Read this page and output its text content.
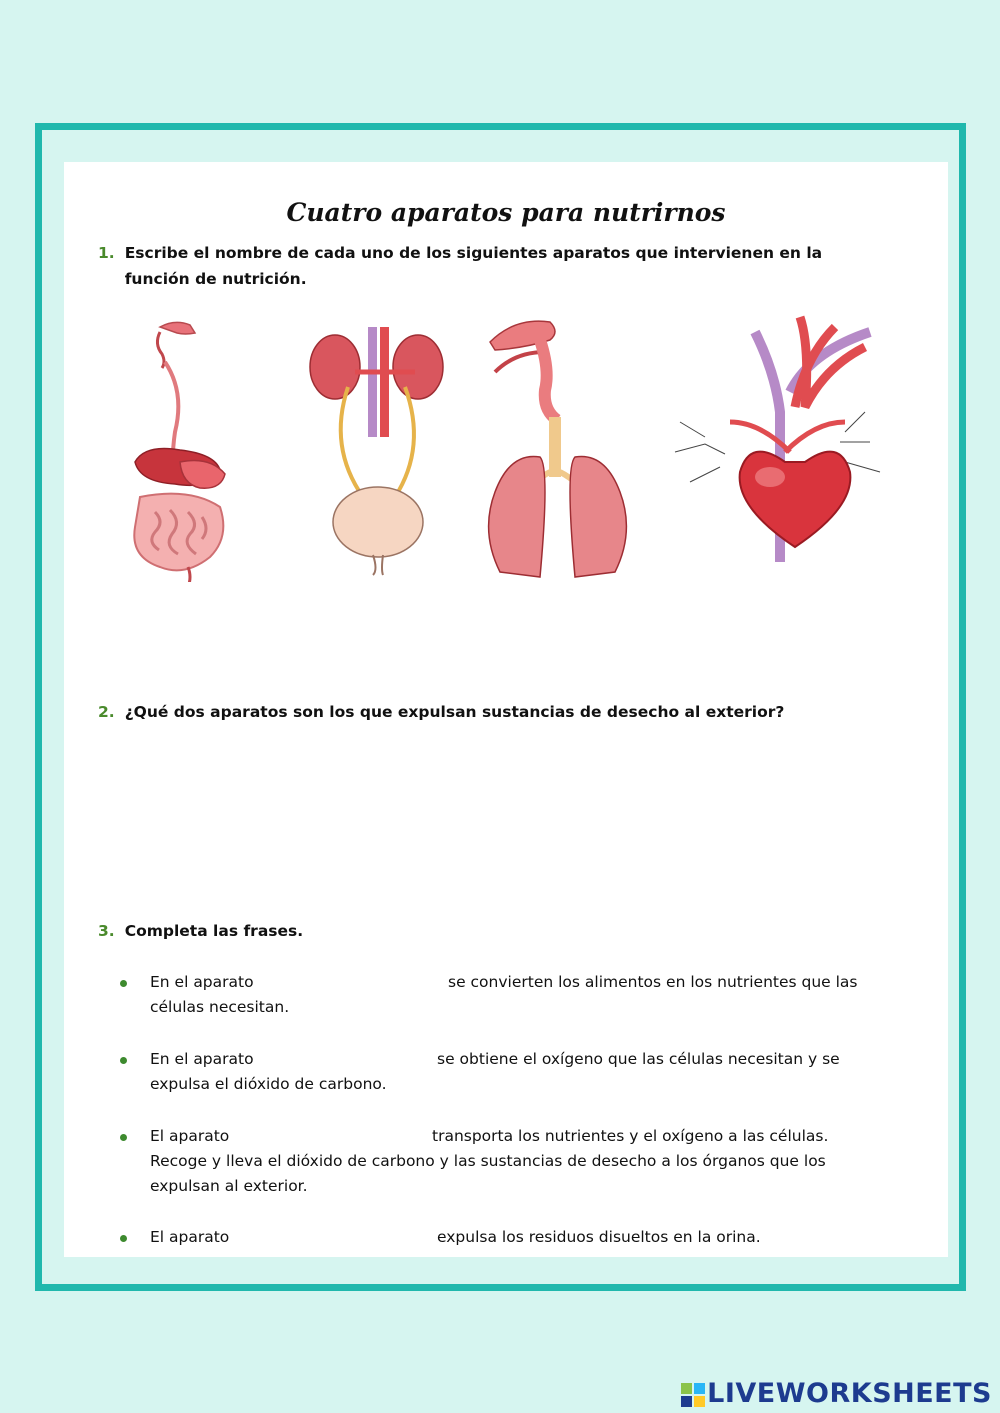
Cuatro aparatos para nutrirnos
1. Escribe el nombre de cada uno de los siguientes aparatos que intervienen en la función de nutrición.
2. ¿Qué dos aparatos son los que expulsan sustancias de desecho al exterior?
3. Completa las frases.
En el aparato	se convierten los alimentos en los nutrientes que las
células necesitan.
En el aparato	se obtiene el oxígeno que las células necesitan y se
expulsa el dióxido de carbono.
El aparato	transporta los nutrientes y el oxígeno a las células.
Recoge y lleva el dióxido de carbono y las sustancias de desecho a los órganos que los
expulsan al exterior.
El aparato	expulsa los residuos disueltos en la orina.
LIVEWORKSHEETS
